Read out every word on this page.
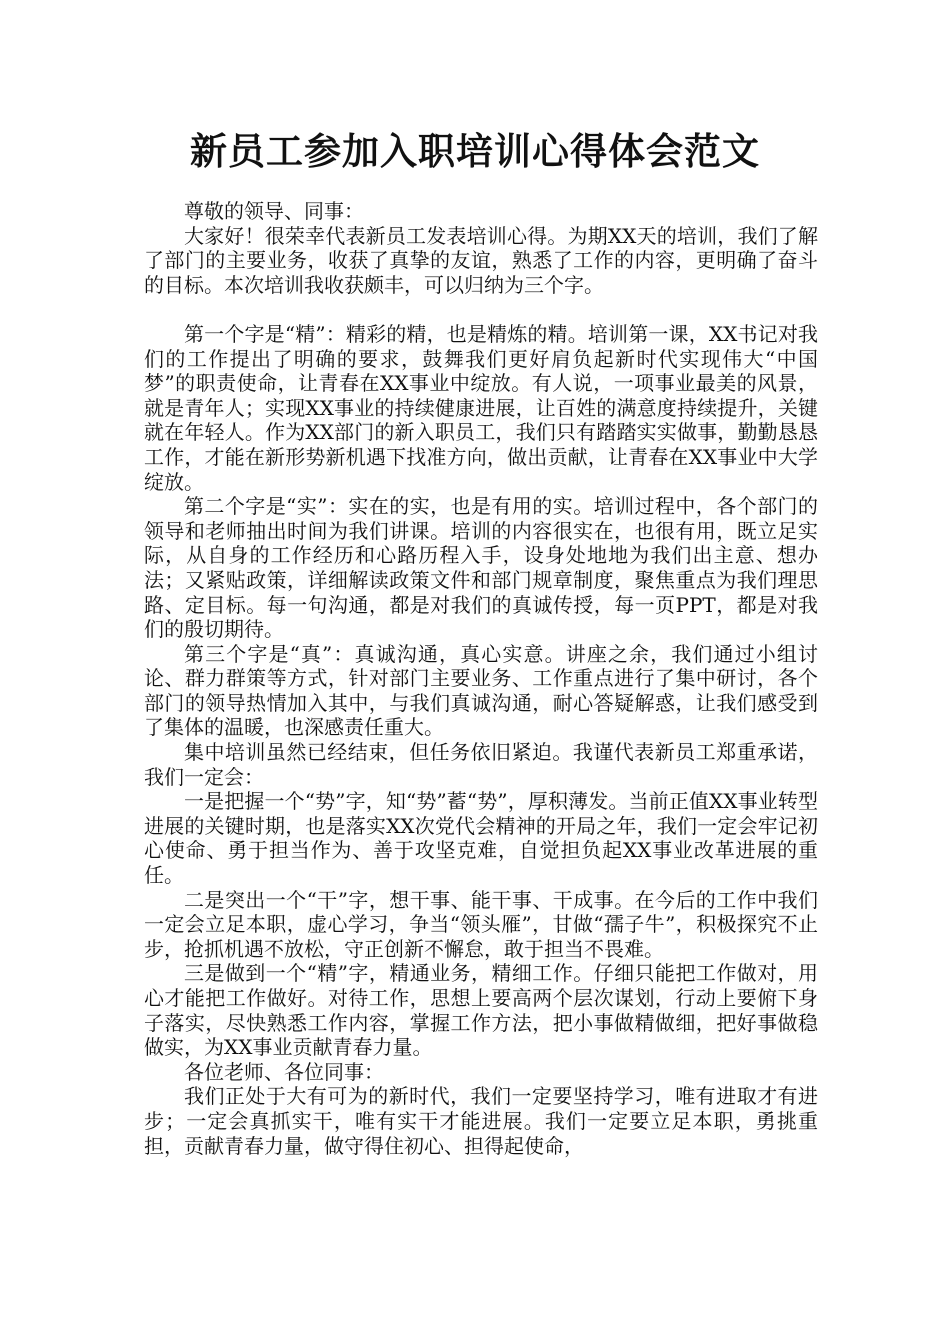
新员工参加入职培训心得体会范文

尊敬的领导、同事：

大家好！很荣幸代表新员工发表培训心得。为期XX天的培训，我们了解了部门的主要业务，收获了真挚的友谊，熟悉了工作的内容，更明确了奋斗的目标。本次培训我收获颇丰，可以归纳为三个字。

第一个字是“精”：精彩的精，也是精炼的精。培训第一课，XX书记对我们的工作提出了明确的要求，鼓舞我们更好肩负起新时代实现伟大“中国梦”的职责使命，让青春在XX事业中绽放。有人说，一项事业最美的风景，就是青年人；实现XX事业的持续健康进展，让百姓的满意度持续提升，关键就在年轻人。作为XX部门的新入职员工，我们只有踏踏实实做事，勤勤恳恳工作，才能在新形势新机遇下找准方向，做出贡献，让青春在XX事业中大学绽放。

第二个字是“实”：实在的实，也是有用的实。培训过程中，各个部门的领导和老师抽出时间为我们讲课。培训的内容很实在，也很有用，既立足实际，从自身的工作经历和心路历程入手，设身处地地为我们出主意、想办法；又紧贴政策，详细解读政策文件和部门规章制度，聚焦重点为我们理思路、定目标。每一句沟通，都是对我们的真诚传授，每一页PPT，都是对我们的殷切期待。

第三个字是“真”：真诚沟通，真心实意。讲座之余，我们通过小组讨论、群力群策等方式，针对部门主要业务、工作重点进行了集中研讨，各个部门的领导热情加入其中，与我们真诚沟通，耐心答疑解惑，让我们感受到了集体的温暖，也深感责任重大。

集中培训虽然已经结束，但任务依旧紧迫。我谨代表新员工郑重承诺，我们一定会：

一是把握一个“势”字，知“势”蓄“势”，厚积薄发。当前正值XX事业转型进展的关键时期，也是落实XX次党代会精神的开局之年，我们一定会牢记初心使命、勇于担当作为、善于攻坚克难，自觉担负起XX事业改革进展的重任。

二是突出一个“干”字，想干事、能干事、干成事。在今后的工作中我们一定会立足本职，虚心学习，争当“领头雁”，甘做“孺子牛”，积极探究不止步，抢抓机遇不放松，守正创新不懈怠，敢于担当不畏难。

三是做到一个“精”字，精通业务，精细工作。仔细只能把工作做对，用心才能把工作做好。对待工作，思想上要高两个层次谋划，行动上要俯下身子落实，尽快熟悉工作内容，掌握工作方法，把小事做精做细，把好事做稳做实，为XX事业贡献青春力量。

各位老师、各位同事：

我们正处于大有可为的新时代，我们一定要坚持学习，唯有进取才有进步；一定会真抓实干，唯有实干才能进展。我们一定要立足本职，勇挑重担，贡献青春力量，做守得住初心、担得起使命，
